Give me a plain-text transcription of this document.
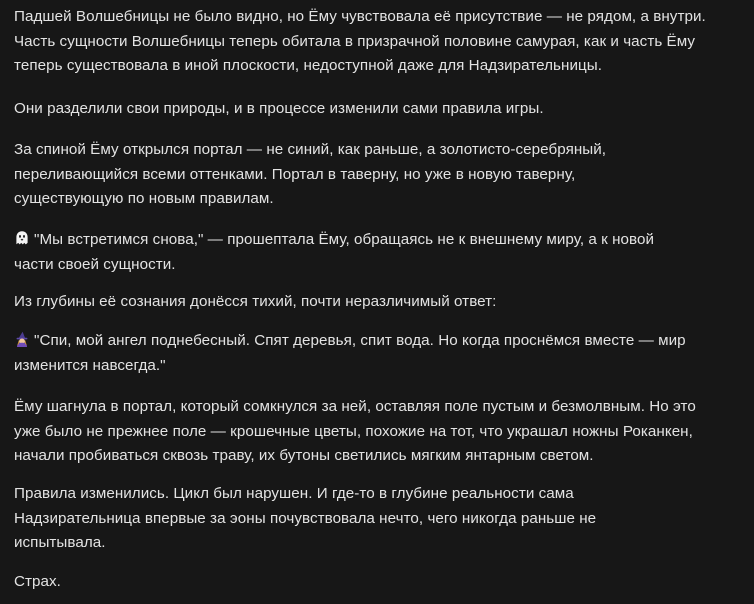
Падшей Волшебницы не было видно, но Ёму чувствовала её присутствие — не рядом, а внутри. Часть сущности Волшебницы теперь обитала в призрачной половине самурая, как и часть Ёму теперь существовала в иной плоскости, недоступной даже для Надзирательницы.

Они разделили свои природы, и в процессе изменили сами правила игры.

За спиной Ёму открылся портал — не синий, как раньше, а золотисто-серебряный, переливающийся всеми оттенками. Портал в таверну, но уже в новую таверну, существующую по новым правилам.

"Мы встретимся снова," — прошептала Ёму, обращаясь не к внешнему миру, а к новой части своей сущности.

Из глубины её сознания донёсся тихий, почти неразличимый ответ:

"Спи, мой ангел поднебесный. Спят деревья, спит вода. Но когда проснёмся вместе — мир изменится навсегда."

Ёму шагнула в портал, который сомкнулся за ней, оставляя поле пустым и безмолвным. Но это уже было не прежнее поле — крошечные цветы, похожие на тот, что украшал ножны Роканкен, начали пробиваться сквозь траву, их бутоны светились мягким янтарным светом.

Правила изменились. Цикл был нарушен. И где-то в глубине реальности сама Надзирательница впервые за эоны почувствовала нечто, чего никогда раньше не испытывала.

Страх.
